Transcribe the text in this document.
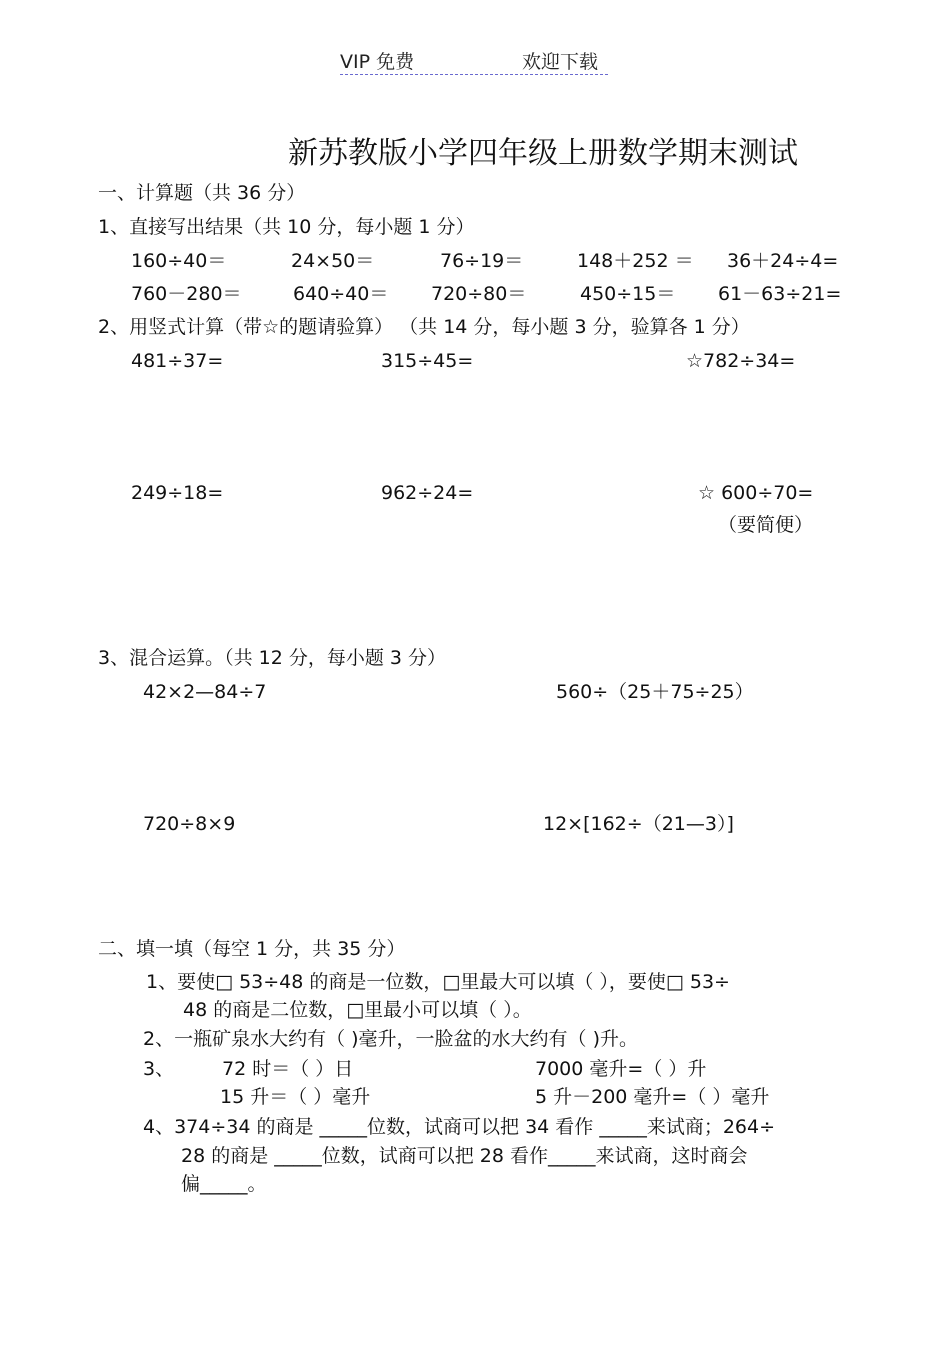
VIP 免费	欢迎下载
新苏教版小学四年级上册数学期末测试
一、计算题（共 36 分）
1、直接写出结果（共 10 分，每小题 1 分）
160÷40＝	24×50＝	76÷19＝	148＋252 ＝ 36＋24÷4=
760－280＝	640÷40＝ 720÷80＝	450÷15＝ 61－63÷21=
2、用竖式计算（带☆的题请验算） （共 14 分，每小题 3 分，验算各 1 分）
481÷37=	315÷45=	☆782÷34=
249÷18=	962÷24=	☆ 600÷70=
（要简便）
3、混合运算。（共 12 分，每小题 3 分）
42×2—84÷7	560÷（25＋75÷25）
720÷8×9	12×[162÷（21—3）]
二、填一填（每空 1 分，共 35 分）
1、要使□ 53÷48 的商是一位数，□里最大可以填（ ），要使□ 53÷
48 的商是二位数，□里最小可以填（ ）。
2、一瓶矿泉水大约有（ )毫升，一脸盆的水大约有（ )升。
3、	72 时＝（ ）日	7000 毫升=（ ）升
15 升＝（ ）毫升	5 升－200 毫升=（ ）毫升
4、374÷34 的商是 _____位数，试商可以把 34 看作 _____来试商；264÷
28 的商是 _____位数，试商可以把 28 看作_____来试商，这时商会
偏_____。
